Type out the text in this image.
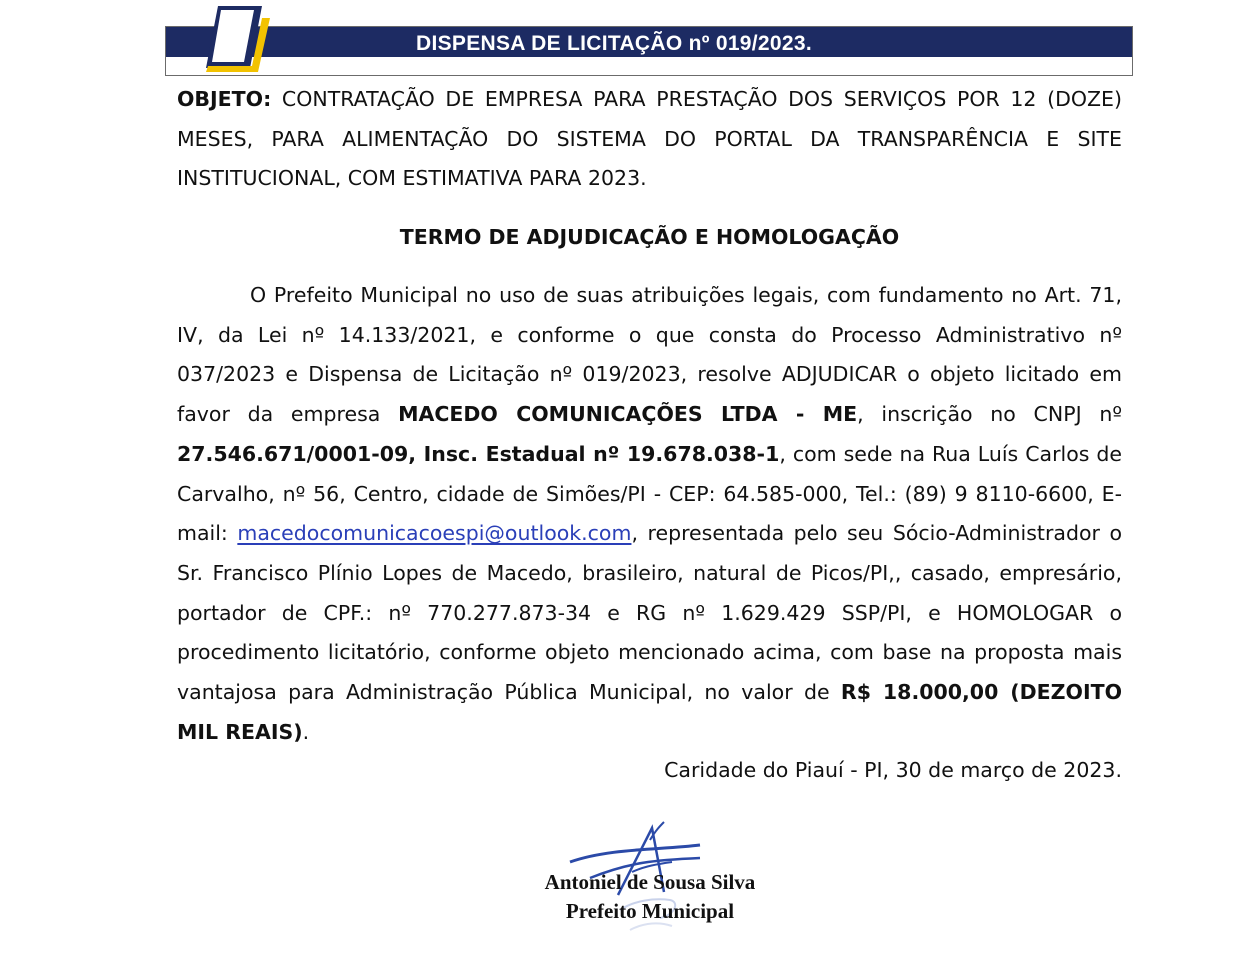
DISPENSA DE LICITAÇÃO nº 019/2023.
OBJETO: CONTRATAÇÃO DE EMPRESA PARA PRESTAÇÃO DOS SERVIÇOS POR 12 (DOZE) MESES, PARA ALIMENTAÇÃO DO SISTEMA DO PORTAL DA TRANSPARÊNCIA E SITE INSTITUCIONAL, COM ESTIMATIVA PARA 2023.
TERMO DE ADJUDICAÇÃO E HOMOLOGAÇÃO
O Prefeito Municipal no uso de suas atribuições legais, com fundamento no Art. 71, IV, da Lei nº 14.133/2021, e conforme o que consta do Processo Administrativo nº 037/2023 e Dispensa de Licitação nº 019/2023, resolve ADJUDICAR o objeto licitado em favor da empresa MACEDO COMUNICAÇÕES LTDA - ME, inscrição no CNPJ nº 27.546.671/0001-09, Insc. Estadual nº 19.678.038-1, com sede na Rua Luís Carlos de Carvalho, nº 56, Centro, cidade de Simões/PI - CEP: 64.585-000, Tel.: (89) 9 8110-6600, E-mail: macedocomunicacoespi@outlook.com, representada pelo seu Sócio-Administrador o Sr. Francisco Plínio Lopes de Macedo, brasileiro, natural de Picos/PI,, casado, empresário, portador de CPF.: nº 770.277.873-34 e RG nº 1.629.429 SSP/PI, e HOMOLOGAR o procedimento licitatório, conforme objeto mencionado acima, com base na proposta mais vantajosa para Administração Pública Municipal, no valor de R$ 18.000,00 (DEZOITO MIL REAIS).
Caridade do Piauí - PI, 30 de março de 2023.
Antoniel de Sousa Silva
Prefeito Municipal
